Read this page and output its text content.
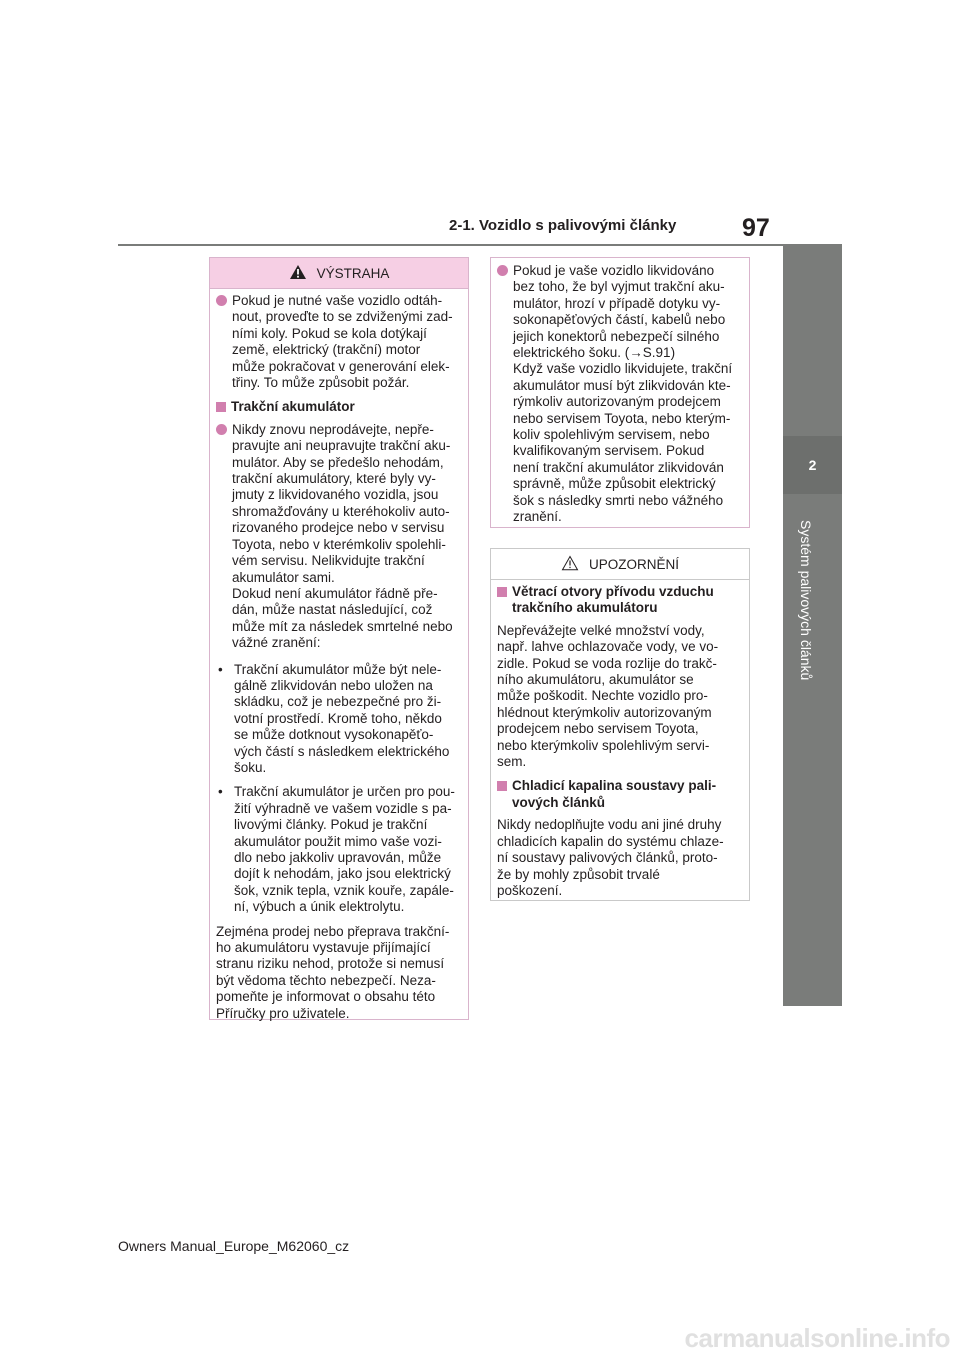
97
2-1. Vozidlo s palivovými články
2
Systém palivových článků
VÝSTRAHA
Pokud je nutné vaše vozidlo odtáh-
nout, proveďte to se zdviženými zad-
ními koly. Pokud se kola dotýkají
země, elektrický (trakční) motor
může pokračovat v generování elek-
třiny. To může způsobit požár.
Trakční akumulátor
Nikdy znovu neprodávejte, nepře-
pravujte ani neupravujte trakční aku-
mulátor. Aby se předešlo nehodám,
trakční akumulátory, které byly vy-
jmuty z likvidovaného vozidla, jsou
shromažďovány u kteréhokoliv auto-
rizovaného prodejce nebo v servisu
Toyota, nebo v kterémkoliv spolehli-
vém servisu. Nelikvidujte trakční
akumulátor sami.
Dokud není akumulátor řádně pře-
dán, může nastat následující, což
může mít za následek smrtelné nebo
vážné zranění:
• Trakční akumulátor může být nele-
gálně zlikvidován nebo uložen na
skládku, což je nebezpečné pro ži-
votní prostředí. Kromě toho, někdo
se může dotknout vysokonapěťo-
vých částí s následkem elektrického
šoku.
• Trakční akumulátor je určen pro pou-
žití výhradně ve vašem vozidle s pa-
livovými články. Pokud je trakční
akumulátor použit mimo vaše vozi-
dlo nebo jakkoliv upravován, může
dojít k nehodám, jako jsou elektrický
šok, vznik tepla, vznik kouře, zapále-
ní, výbuch a únik elektrolytu.

Zejména prodej nebo přeprava trakční-
ho akumulátoru vystavuje přijímající
stranu riziku nehod, protože si nemusí
být vědoma těchto nebezpečí. Neza-
pomeňte je informovat o obsahu této
Příručky pro uživatele.

Pokud je vaše vozidlo likvidováno
bez toho, že byl vyjmut trakční aku-
mulátor, hrozí v případě dotyku vy-
sokonapěťových částí, kabelů nebo
jejich konektorů nebezpečí silného
elektrického šoku. (→S.91)
Když vaše vozidlo likvidujete, trakční
akumulátor musí být zlikvidován kte-
rýmkoliv autorizovaným prodejcem
nebo servisem Toyota, nebo kterým-
koliv spolehlivým servisem, nebo
kvalifikovaným servisem. Pokud
není trakční akumulátor zlikvidován
správně, může způsobit elektrický
šok s následky smrti nebo vážného
zranění.
UPOZORNĚNÍ
Větrací otvory přívodu vzduchu
trakčního akumulátoru

Nepřevážejte velké množství vody,
např. lahve ochlazovače vody, ve vo-
zidle. Pokud se voda rozlije do trakč-
ního akumulátoru, akumulátor se
může poškodit. Nechte vozidlo pro-
hlédnout kterýmkoliv autorizovaným
prodejcem nebo servisem Toyota,
nebo kterýmkoliv spolehlivým servi-
sem.

Chladicí kapalina soustavy pali-
vových článků

Nikdy nedoplňujte vodu ani jiné druhy
chladicích kapalin do systému chlaze-
ní soustavy palivových článků, proto-
že by mohly způsobit trvalé
poškození.

Owners Manual_Europe_M62060_cz
carmanualsonline.info
